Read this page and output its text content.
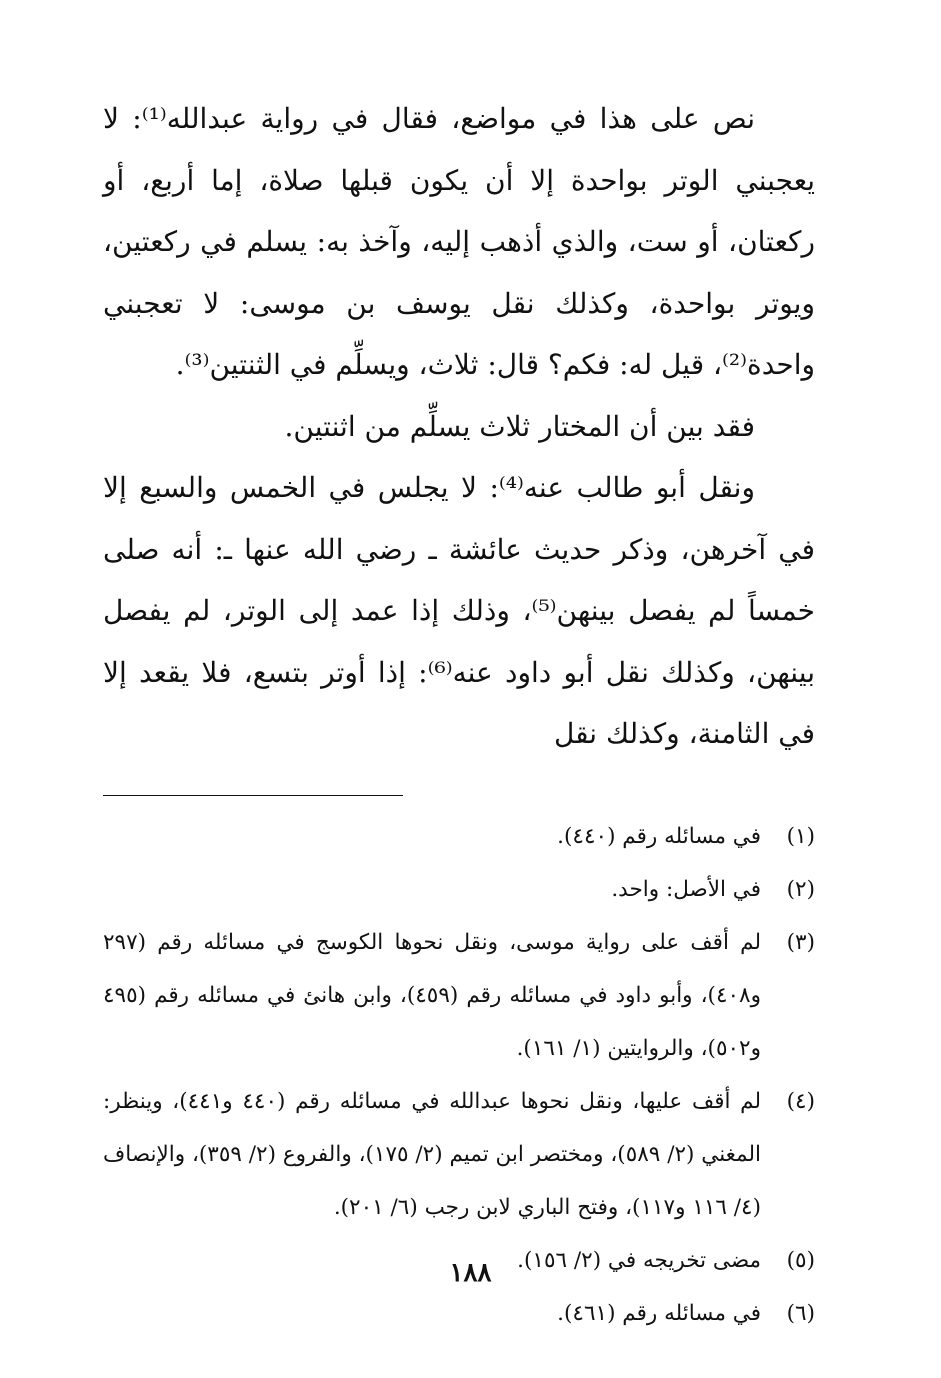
نص على هذا في مواضع، فقال في رواية عبدالله⁽¹⁾: لا يعجبني الوتر بواحدة إلا أن يكون قبلها صلاة، إما أربع، أو ركعتان، أو ست، والذي أذهب إليه، وآخذ به: يسلم في ركعتين، ويوتر بواحدة، وكذلك نقل يوسف بن موسى: لا تعجبني واحدة⁽²⁾، قيل له: فكم؟ قال: ثلاث، ويسلِّم في الثنتين⁽³⁾.

فقد بين أن المختار ثلاث يسلِّم من اثنتين.

ونقل أبو طالب عنه⁽⁴⁾: لا يجلس في الخمس والسبع إلا في آخرهن، وذكر حديث عائشة ـ رضي الله عنها ـ: أنه صلى خمساً لم يفصل بينهن⁽⁵⁾، وذلك إذا عمد إلى الوتر، لم يفصل بينهن، وكذلك نقل أبو داود عنه⁽⁶⁾: إذا أوتر بتسع، فلا يقعد إلا في الثامنة، وكذلك نقل

(١)
في مسائله رقم (٤٤٠).
(٢)
في الأصل: واحد.
(٣)
لم أقف على رواية موسى، ونقل نحوها الكوسج في مسائله رقم (٢٩٧ و٤٠٨)، وأبو داود في مسائله رقم (٤٥٩)، وابن هانئ في مسائله رقم (٤٩٥ و٥٠٢)، والروايتين (١/ ١٦١).
(٤)
لم أقف عليها، ونقل نحوها عبدالله في مسائله رقم (٤٤٠ و٤٤١)، وينظر: المغني (٢/ ٥٨٩)، ومختصر ابن تميم (٢/ ١٧٥)، والفروع (٢/ ٣٥٩)، والإنصاف (٤/ ١١٦ و١١٧)، وفتح الباري لابن رجب (٦/ ٢٠١).
(٥)
مضى تخريجه في (٢/ ١٥٦).
(٦)
في مسائله رقم (٤٦١).
١٨٨
